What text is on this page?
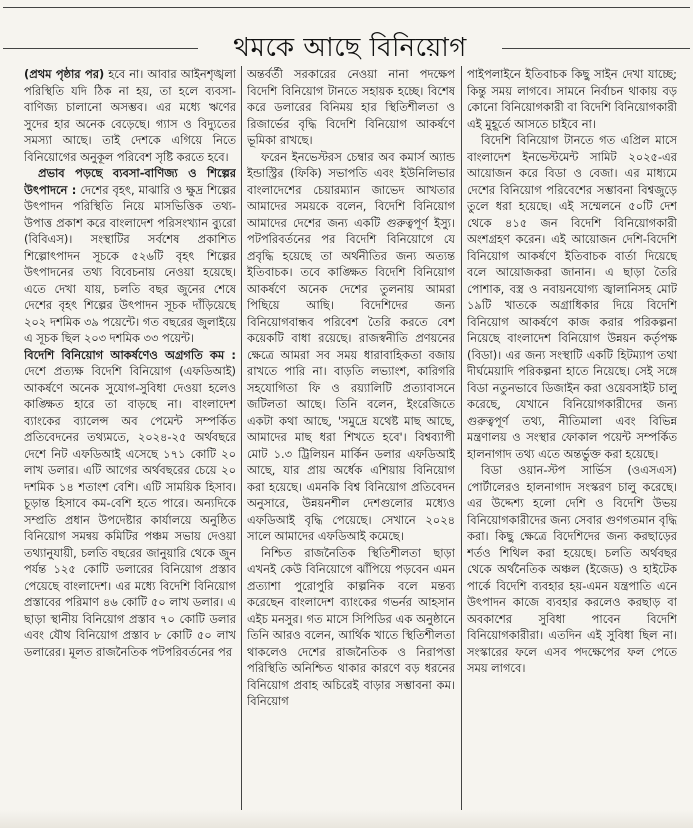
থমকে আছে বিনিয়োগ

(প্রথম পৃষ্ঠার পর) হবে না। আবার আইনশৃঙ্খলা পরিস্থিতি যদি ঠিক না হয়, তা হলে ব্যবসা-বাণিজ্য চালানো অসম্ভব। এর মধ্যে ঋণের সুদের হার অনেক বেড়েছে। গ্যাস ও বিদ্যুতের সমস্যা আছে। তাই দেশকে এগিয়ে নিতে বিনিয়োগের অনুকূল পরিবেশ সৃষ্টি করতে হবে।

প্রভাব পড়ছে ব্যবসা-বাণিজ্য ও শিল্পের উৎপাদনে : দেশের বৃহৎ, মাঝারি ও ক্ষুদ্র শিল্পের উৎপাদন পরিস্থিতি নিয়ে মাসভিত্তিক তথ্য-উপাত্ত প্রকাশ করে বাংলাদেশ পরিসংখ্যান ব্যুরো (বিবিএস)। সংস্থাটির সর্বশেষ প্রকাশিত শিল্পোৎপাদন সূচকে ৫২৬টি বৃহৎ শিল্পের উৎপাদনের তথ্য বিবেচনায় নেওয়া হয়েছে। এতে দেখা যায়, চলতি বছর জুনের শেষে দেশের বৃহৎ শিল্পের উৎপাদন সূচক দাঁড়িয়েছে ২০২ দশমিক ৩৯ পয়েন্টে। গত বছরের জুলাইয়ে এ সূচক ছিল ২০৩ দশমিক ৩৩ পয়েন্ট।

বিদেশি বিনিয়োগ আকর্ষণেও অগ্রগতি কম : দেশে প্রত্যক্ষ বিদেশি বিনিয়োগ (এফডিআই) আকর্ষণে অনেক সুযোগ-সুবিধা দেওয়া হলেও কাঙ্ক্ষিত হারে তা বাড়ছে না। বাংলাদেশ ব্যাংকের ব্যালেন্স অব পেমেন্ট সম্পর্কিত প্রতিবেদনের তথ্যমতে, ২০২৪-২৫ অর্থবছরে দেশে নিট এফডিআই এসেছে ১৭১ কোটি ২০ লাখ ডলার। এটি আগের অর্থবছরের চেয়ে ২০ দশমিক ১৪ শতাংশ বেশি। এটি সাময়িক হিসাব। চূড়ান্ত হিসাবে কম-বেশি হতে পারে। অন্যদিকে সম্প্রতি প্রধান উপদেষ্টার কার্যালয়ে অনুষ্ঠিত বিনিয়োগ সমন্বয় কমিটির পঞ্চম সভায় দেওয়া তথ্যানুযায়ী, চলতি বছরের জানুয়ারি থেকে জুন পর্যন্ত ১২৫ কোটি ডলারের বিনিয়োগ প্রস্তাব পেয়েছে বাংলাদেশ। এর মধ্যে বিদেশি বিনিয়োগ প্রস্তাবের পরিমাণ ৪৬ কোটি ৫০ লাখ ডলার। এ ছাড়া স্থানীয় বিনিয়োগ প্রস্তাব ৭০ কোটি ডলার এবং যৌথ বিনিয়োগ প্রস্তাব ৮ কোটি ৫০ লাখ ডলারের। মূলত রাজনৈতিক পটপরিবর্তনের পর

অন্তর্বর্তী সরকারের নেওয়া নানা পদক্ষেপ বিদেশি বিনিয়োগ টানতে সহায়ক হচ্ছে। বিশেষ করে ডলারের বিনিময় হার স্থিতিশীলতা ও রিজার্ভের বৃদ্ধি বিদেশি বিনিয়োগ আকর্ষণে ভূমিকা রাখছে।

ফরেন ইনভেস্টরস চেম্বার অব কমার্স অ্যান্ড ইন্ডাস্ট্রির (ফিকি) সভাপতি এবং ইউনিলিভার বাংলাদেশের চেয়ারম্যান জাভেদ আখতার আমাদের সময়কে বলেন, বিদেশি বিনিয়োগ আমাদের দেশের জন্য একটি গুরুত্বপূর্ণ ইস্যু। পটপরিবর্তনের পর বিদেশি বিনিয়োগে যে প্রবৃদ্ধি হয়েছে তা অর্থনীতির জন্য অত্যন্ত ইতিবাচক। তবে কাঙ্ক্ষিত বিদেশি বিনিয়োগ আকর্ষণে অনেক দেশের তুলনায় আমরা পিছিয়ে আছি। বিদেশিদের জন্য বিনিয়োগবান্ধব পরিবেশ তৈরি করতে বেশ কয়েকটি বাধা রয়েছে। রাজস্বনীতি প্রণয়নের ক্ষেত্রে আমরা সব সময় ধারাবাহিকতা বজায় রাখতে পারি না। বাড়তি লভ্যাংশ, কারিগরি সহযোগিতা ফি ও রয়্যালিটি প্রত্যাবাসনে জটিলতা আছে। তিনি বলেন, ইংরেজিতে একটা কথা আছে, 'সমুদ্রে যথেষ্ট মাছ আছে, আমাদের মাছ ধরা শিখতে হবে'। বিশ্বব্যাপী মোট ১.৩ ট্রিলিয়ন মার্কিন ডলার এফডিআই আছে, যার প্রায় অর্ধেক এশিয়ায় বিনিয়োগ করা হয়েছে। এমনকি বিশ্ব বিনিয়োগ প্রতিবেদন অনুসারে, উন্নয়নশীল দেশগুলোর মধ্যেও এফডিআই বৃদ্ধি পেয়েছে। সেখানে ২০২৪ সালে আমাদের এফডিআই কমেছে।

নিশ্চিত রাজনৈতিক স্থিতিশীলতা ছাড়া এখনই কেউ বিনিয়োগে ঝাঁপিয়ে পড়বেন এমন প্রত্যাশা পুরোপুরি কাল্পনিক বলে মন্তব্য করেছেন বাংলাদেশ ব্যাংকের গভর্নর আহসান এইচ মনসুর। গত মাসে সিপিডির এক অনুষ্ঠানে তিনি আরও বলেন, আর্থিক খাতে স্থিতিশীলতা থাকলেও দেশের রাজনৈতিক ও নিরাপত্তা পরিস্থিতি অনিশ্চিত থাকার কারণে বড় ধরনের বিনিয়োগ প্রবাহ অচিরেই বাড়ার সম্ভাবনা কম। বিনিয়োগ

পাইপলাইনে ইতিবাচক কিছু সাইন দেখা যাচ্ছে; কিন্তু সময় লাগবে। সামনে নির্বাচন থাকায় বড় কোনো বিনিয়োগকারী বা বিদেশি বিনিয়োগকারী এই মুহূর্তে আসতে চাইবে না।

বিদেশি বিনিয়োগ টানতে গত এপ্রিল মাসে বাংলাদেশ ইনভেস্টমেন্ট সামিট ২০২৫-এর আয়োজন করে বিডা ও বেজা। এর মাধ্যমে দেশের বিনিয়োগ পরিবেশের সম্ভাবনা বিশ্বজুড়ে তুলে ধরা হয়েছে। এই সম্মেলনে ৫০টি দেশ থেকে ৪১৫ জন বিদেশি বিনিয়োগকারী অংশগ্রহণ করেন। এই আয়োজন দেশি-বিদেশি বিনিয়োগ আকর্ষণে ইতিবাচক বার্তা দিয়েছে বলে আয়োজকরা জানান। এ ছাড়া তৈরি পোশাক, বস্ত্র ও নবায়নযোগ্য জ্বালানিসহ মোট ১৯টি খাতকে অগ্রাধিকার দিয়ে বিদেশি বিনিয়োগ আকর্ষণে কাজ করার পরিকল্পনা নিয়েছে বাংলাদেশ বিনিয়োগ উন্নয়ন কর্তৃপক্ষ (বিডা)। এর জন্য সংস্থাটি একটি হিটম্যাপ তথা দীর্ঘমেয়াদি পরিকল্পনা হাতে নিয়েছে। সেই সঙ্গে বিডা নতুনভাবে ডিজাইন করা ওয়েবসাইট চালু করেছে, যেখানে বিনিয়োগকারীদের জন্য গুরুত্বপূর্ণ তথ্য, নীতিমালা এবং বিভিন্ন মন্ত্রণালয় ও সংস্থার ফোকাল পয়েন্ট সম্পর্কিত হালনাগাদ তথ্য এতে অন্তর্ভুক্ত করা হয়েছে।

বিডা ওয়ান-স্টপ সার্ভিস (ওএসএস) পোর্টালেরও হালনাগাদ সংস্করণ চালু করেছে। এর উদ্দেশ্য হলো দেশি ও বিদেশি উভয় বিনিয়োগকারীদের জন্য সেবার গুণগতমান বৃদ্ধি করা। কিছু ক্ষেত্রে বিদেশিদের জন্য করছাড়ের শর্তও শিথিল করা হয়েছে। চলতি অর্থবছর থেকে অর্থনৈতিক অঞ্চল (ইজেড) ও হাইটেক পার্কে বিদেশি ব্যবহার হয়-এমন যন্ত্রপাতি এনে উৎপাদন কাজে ব্যবহার করলেও করছাড় বা অবকাশের সুবিধা পাবেন বিদেশি বিনিয়োগকারীরা। এতদিন এই সুবিধা ছিল না। সংস্কারের ফলে এসব পদক্ষেপের ফল পেতে সময় লাগবে।
